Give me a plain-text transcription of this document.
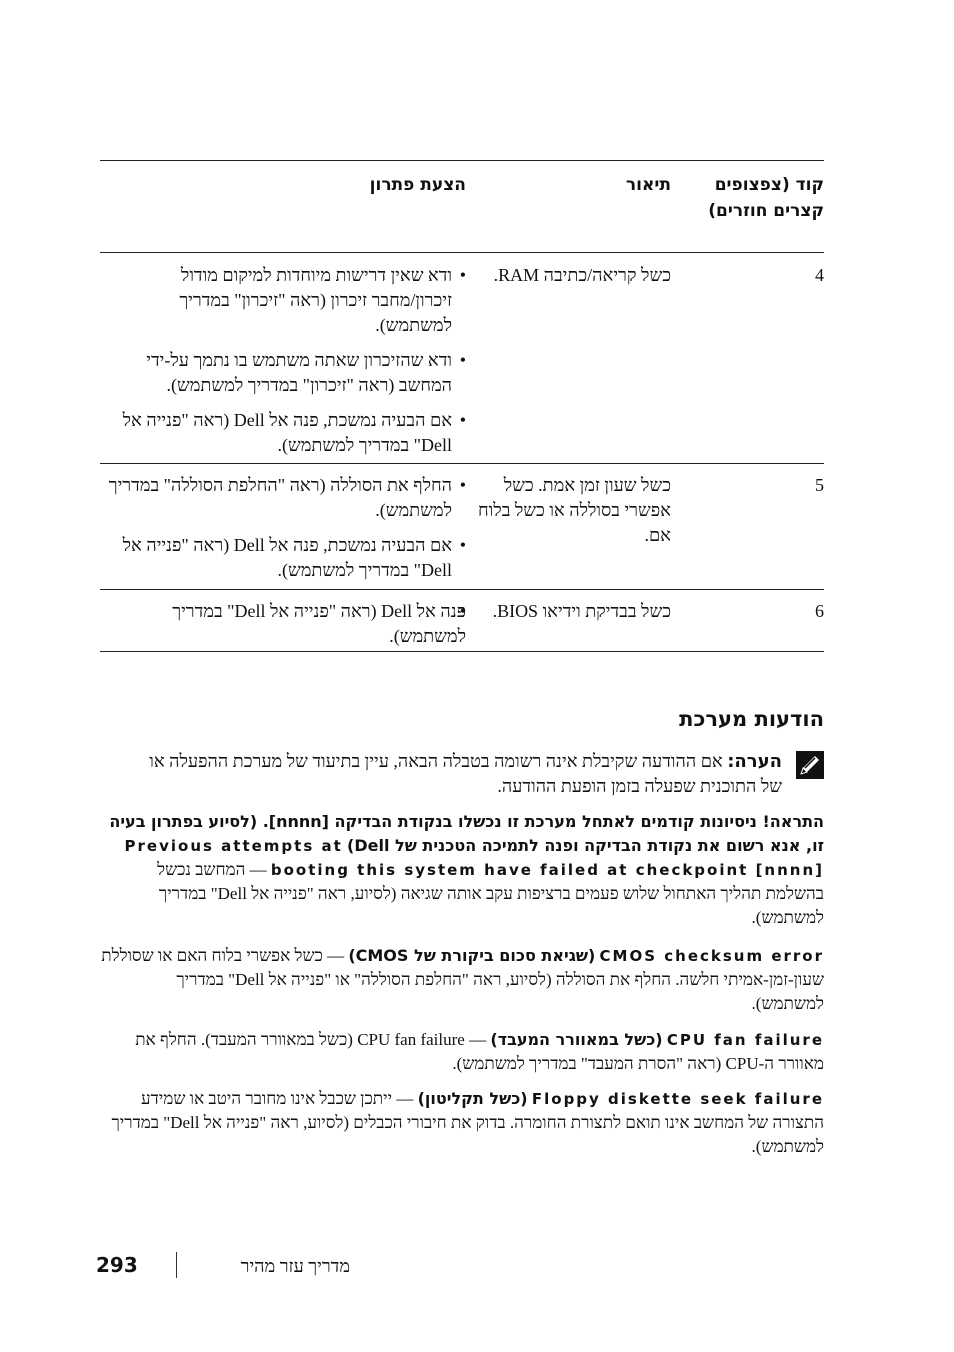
קוד (צפצופים קצרים חוזרים)
תיאור
הצעת פתרון
4
כשל קריאה/כתיבה RAM.
• ודא שאין דרישות מיוחדות למיקום מודול זיכרון/מחבר זיכרון (ראה "זיכרון" במדריך למשתמש).
• ודא שהזיכרון שאתה משתמש בו נתמך על-ידי המחשב (ראה "זיכרון" במדריך למשתמש).
• אם הבעיה נמשכת, פנה אל Dell (ראה "פנייה אל Dell" במדריך למשתמש).
5
כשל שעון זמן אמת. כשל אפשרי בסוללה או כשל בלוח אם.
• החלף את הסוללה (ראה "החלפת הסוללה" במדריך למשתמש).
• אם הבעיה נמשכת, פנה אל Dell (ראה "פנייה אל Dell" במדריך למשתמש).
6
כשל בבדיקת וידיאו BIOS.
• פנה אל Dell (ראה "פנייה אל Dell" במדריך למשתמש).
הודעות מערכת
הערה: אם ההודעה שקיבלת אינה רשומה בטבלה הבאה, עיין בתיעוד של מערכת ההפעלה או של התוכנית שפעלה בזמן הופעת ההודעה.
התראה! ניסיונות קודמים לאתחל מערכת זו נכשלו בנקודת הבדיקה [nnnn]. (לסיוע בפתרון בעיה זו, אנא רשום את נקודת הבדיקה ופנה לתמיכה הטכנית של Dell) Previous attempts at booting this system have failed at checkpoint [nnnn] — המחשב נכשל בהשלמת תהליך האתחול שלוש פעמים ברציפות עקב אותה שגיאה (לסיוע, ראה "פנייה אל Dell" במדריך למשתמש).
CMOS checksum error (שגיאת סכום ביקורת של CMOS) — כשל אפשרי בלוח האם או שסוללת שעון-זמן-אמיתי חלשה. החלף את הסוללה (לסיוע, ראה "החלפת הסוללה" או "פנייה אל Dell" במדריך למשתמש).
CPU fan failure (כשל במאוורר המעבד) — CPU fan failure (כשל במאוורר המעבד). החלף את מאוורר ה-CPU (ראה "הסרת המעבד" במדריך למשתמש).
Floppy diskette seek failure (כשל תקליטון) — ייתכן שכבל אינו מחובר היטב או שמידע התצורה של המחשב אינו תואם לתצורת החומרה. בדוק את חיבורי הכבלים (לסיוע, ראה "פנייה אל Dell" במדריך למשתמש).
293	מדריך עזר מהיר
